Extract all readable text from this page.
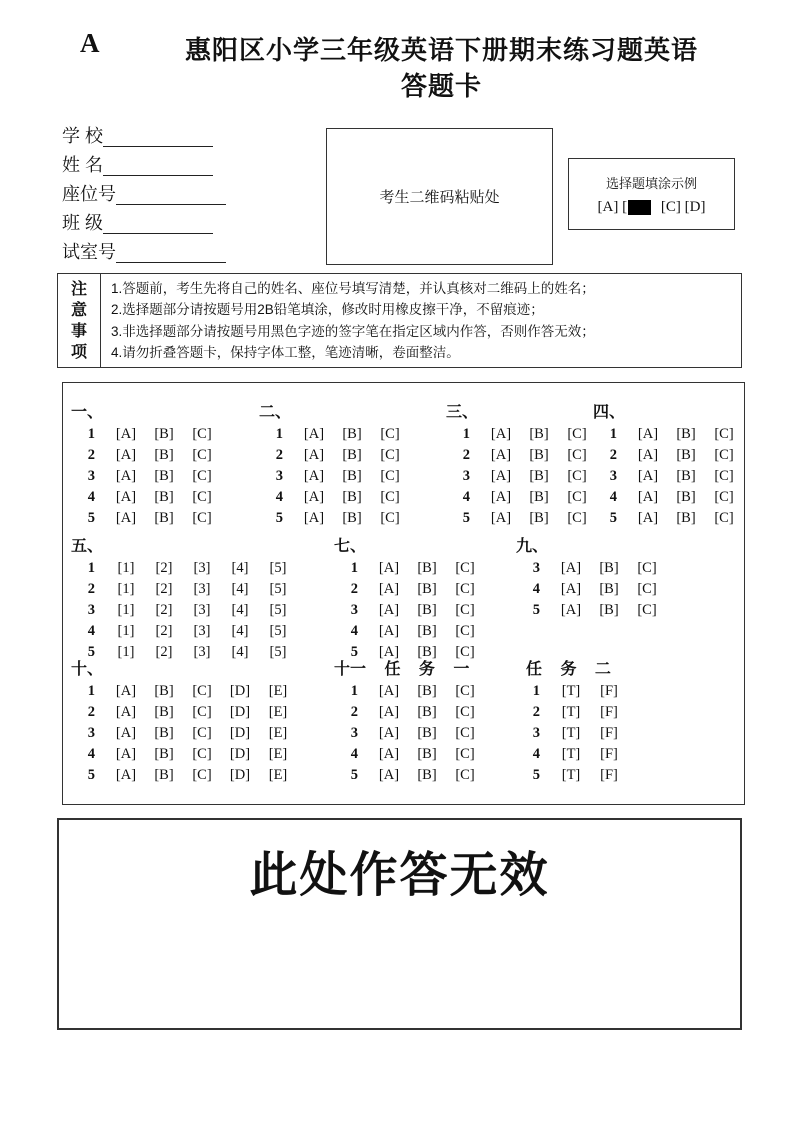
A	惠阳区小学三年级英语下册期末练习题英语
答题卡
学 校
姓 名
座位号
班 级
试室号
考生二维码粘贴处
选择题填涂示例
[A] [ [C] [D]
注
意
事
项
1.答题前，考生先将自己的姓名、座位号填写清楚，并认真核对二维码上的姓名；
2.选择题部分请按题号用2B铅笔填涂，修改时用橡皮擦干净，不留痕迹；
3.非选择题部分请按题号用黑色字迹的签字笔在指定区域内作答，否则作答无效；
4.请勿折叠答题卡，保持字体工整，笔迹清晰，卷面整洁。
一、
1	[A]	[B]	[C]
2	[A]	[B]	[C]
3	[A]	[B]	[C]
4	[A]	[B]	[C]
5	[A]	[B]	[C]
二、
1	[A]	[B]	[C]
2	[A]	[B]	[C]
3	[A]	[B]	[C]
4	[A]	[B]	[C]
5	[A]	[B]	[C]
三、
1	[A]	[B]	[C]
2	[A]	[B]	[C]
3	[A]	[B]	[C]
4	[A]	[B]	[C]
5	[A]	[B]	[C]
四、
1	[A]	[B]	[C]
2	[A]	[B]	[C]
3	[A]	[B]	[C]
4	[A]	[B]	[C]
5	[A]	[B]	[C]
五、
1	[1]	[2]	[3]	[4]	[5]
2	[1]	[2]	[3]	[4]	[5]
3	[1]	[2]	[3]	[4]	[5]
4	[1]	[2]	[3]	[4]	[5]
5	[1]	[2]	[3]	[4]	[5]
七、
1	[A]	[B]	[C]
2	[A]	[B]	[C]
3	[A]	[B]	[C]
4	[A]	[B]	[C]
5	[A]	[B]	[C]
九、
3	[A]	[B]	[C]
4	[A]	[B]	[C]
5	[A]	[B]	[C]
十、
1	[A]	[B]	[C]	[D]	[E]
2	[A]	[B]	[C]	[D]	[E]
3	[A]	[B]	[C]	[D]	[E]
4	[A]	[B]	[C]	[D]	[E]
5	[A]	[B]	[C]	[D]	[E]
十一 任 务 一
1	[A]	[B]	[C]
2	[A]	[B]	[C]
3	[A]	[B]	[C]
4	[A]	[B]	[C]
5	[A]	[B]	[C]
任 务 二
1	[T]	[F]
2	[T]	[F]
3	[T]	[F]
4	[T]	[F]
5	[T]	[F]
此处作答无效
